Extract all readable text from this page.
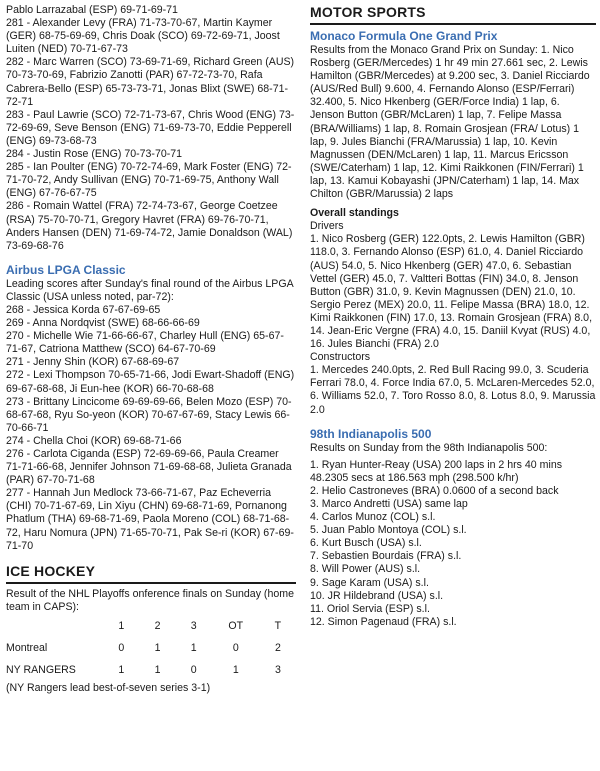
Pablo Larrazabal (ESP) 69-71-69-71

281 - Alexander Levy (FRA) 71-73-70-67, Martin Kaymer (GER) 68-75-69-69, Chris Doak (SCO) 69-72-69-71, Joost Luiten (NED) 70-71-67-73

282 - Marc Warren (SCO) 73-69-71-69, Richard Green (AUS) 70-73-70-69, Fabrizio Zanotti (PAR) 67-72-73-70, Rafa Cabrera-Bello (ESP) 65-73-73-71, Jonas Blixt (SWE) 68-71-72-71

283 - Paul Lawrie (SCO) 72-71-73-67, Chris Wood (ENG) 73-72-69-69, Seve Benson (ENG) 71-69-73-70, Eddie Pepperell (ENG) 69-73-68-73

284 - Justin Rose (ENG) 70-73-70-71

285 - Ian Poulter (ENG) 70-72-74-69, Mark Foster (ENG) 72-71-70-72, Andy Sullivan (ENG) 70-71-69-75, Anthony Wall (ENG) 67-76-67-75

286 - Romain Wattel (FRA) 72-74-73-67, George Coetzee (RSA) 75-70-70-71, Gregory Havret (FRA) 69-76-70-71, Anders Hansen (DEN) 71-69-74-72, Jamie Donaldson (WAL) 73-69-68-76

Airbus LPGA Classic

Leading scores after Sunday's final round of the Airbus LPGA Classic (USA unless noted, par-72):

268 - Jessica Korda 67-67-69-65

269 - Anna Nordqvist (SWE) 68-66-66-69

270 - Michelle Wie 71-66-66-67, Charley Hull (ENG) 65-67-71-67, Catriona Matthew (SCO) 64-67-70-69

271 - Jenny Shin (KOR) 67-68-69-67

272 - Lexi Thompson 70-65-71-66, Jodi Ewart-Shadoff (ENG) 69-67-68-68, Ji Eun-hee (KOR) 66-70-68-68

273 - Brittany Lincicome 69-69-69-66, Belen Mozo (ESP) 70-68-67-68, Ryu So-yeon (KOR) 70-67-67-69, Stacy Lewis 66-70-66-71

274 - Chella Choi (KOR) 69-68-71-66

276 - Carlota Ciganda (ESP) 72-69-69-66, Paula Creamer 71-71-66-68, Jennifer Johnson 71-69-68-68, Julieta Granada (PAR) 67-70-71-68

277 - Hannah Jun Medlock 73-66-71-67, Paz Echeverria (CHI) 70-71-67-69, Lin Xiyu (CHN) 69-68-71-69, Pornanong Phatlum (THA) 69-68-71-69, Paola Moreno (COL) 68-71-68-72, Haru Nomura (JPN) 71-65-70-71, Pak Se-ri (KOR) 67-69-71-70

ICE HOCKEY

Result of the NHL Playoffs onference finals on Sunday (home team in CAPS):

	1	2	3	OT	T
Montreal	0	1	1	0	2
NY RANGERS	1	1	0	1	3

(NY Rangers lead best-of-seven series 3-1)

MOTOR SPORTS

Monaco Formula One Grand Prix

Results from the Monaco Grand Prix on Sunday: 1. Nico Rosberg (GER/Mercedes) 1 hr 49 min 27.661 sec, 2. Lewis Hamilton (GBR/Mercedes) at 9.200 sec, 3. Daniel Ricciardo (AUS/Red Bull) 9.600, 4. Fernando Alonso (ESP/Ferrari) 32.400, 5. Nico Hkenberg (GER/Force India) 1 lap, 6. Jenson Button (GBR/McLaren) 1 lap, 7. Felipe Massa (BRA/Williams) 1 lap, 8. Romain Grosjean (FRA/ Lotus) 1 lap, 9. Jules Bianchi (FRA/Marussia) 1 lap, 10. Kevin Magnussen (DEN/McLaren) 1 lap, 11. Marcus Ericsson (SWE/Caterham) 1 lap, 12. Kimi Raikkonen (FIN/Ferrari) 1 lap, 13. Kamui Kobayashi (JPN/Caterham) 1 lap, 14. Max Chilton (GBR/Marussia) 2 laps

Overall standings

Drivers

1. Nico Rosberg (GER) 122.0pts, 2. Lewis Hamilton (GBR) 118.0, 3. Fernando Alonso (ESP) 61.0, 4. Daniel Ricciardo (AUS) 54.0, 5. Nico Hkenberg (GER) 47.0, 6. Sebastian Vettel (GER) 45.0, 7. Valtteri Bottas (FIN) 34.0, 8. Jenson Button (GBR) 31.0, 9. Kevin Magnussen (DEN) 21.0, 10. Sergio Perez (MEX) 20.0, 11. Felipe Massa (BRA) 18.0, 12. Kimi Raikkonen (FIN) 17.0, 13. Romain Grosjean (FRA) 8.0, 14. Jean-Eric Vergne (FRA) 4.0, 15. Daniil Kvyat (RUS) 4.0, 16. Jules Bianchi (FRA) 2.0

Constructors

1. Mercedes 240.0pts, 2. Red Bull Racing 99.0, 3. Scuderia Ferrari 78.0, 4. Force India 67.0, 5. McLaren-Mercedes 52.0, 6. Williams 52.0, 7. Toro Rosso 8.0, 8. Lotus 8.0, 9. Marussia 2.0

98th Indianapolis 500

Results on Sunday from the 98th Indianapolis 500:

1. Ryan Hunter-Reay (USA) 200 laps in 2 hrs 40 mins 48.2305 secs at 186.563 mph (298.500 k/hr)

2. Helio Castroneves (BRA) 0.0600 of a second back

3. Marco Andretti (USA) same lap

4. Carlos Munoz (COL) s.l.

5. Juan Pablo Montoya (COL) s.l.

6. Kurt Busch (USA) s.l.

7. Sebastien Bourdais (FRA) s.l.

8. Will Power (AUS) s.l.

9. Sage Karam (USA) s.l.

10. JR Hildebrand (USA) s.l.

11. Oriol Servia (ESP) s.l.

12. Simon Pagenaud (FRA) s.l.
